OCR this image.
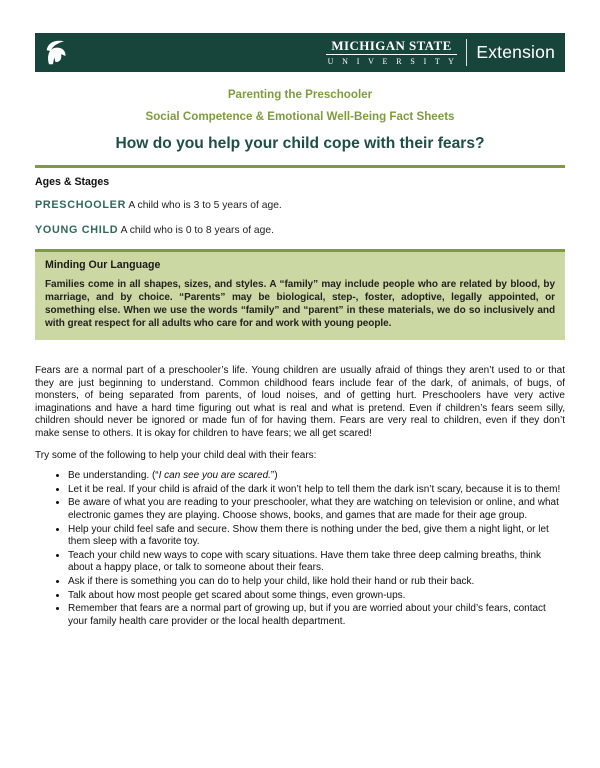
MICHIGAN STATE
U N I V E R S I T Y Extension
Parenting the Preschooler
Social Competence & Emotional Well-Being Fact Sheets
How do you help your child cope with their fears?
Ages & Stages
PRESCHOOLER A child who is 3 to 5 years of age.
YOUNG CHILD A child who is 0 to 8 years of age.
Minding Our Language
Families come in all shapes, sizes, and styles. A “family” may include people who are related by blood, by marriage, and by choice. “Parents” may be biological, step-, foster, adoptive, legally appointed, or something else. When we use the words “family” and “parent” in these materials, we do so inclusively and with great respect for all adults who care for and work with young people.

Fears are a normal part of a preschooler’s life. Young children are usually afraid of things they aren’t used to or that they are just beginning to understand. Common childhood fears include fear of the dark, of animals, of bugs, of monsters, of being separated from parents, of loud noises, and of getting hurt. Preschoolers have very active imaginations and have a hard time figuring out what is real and what is pretend. Even if children’s fears seem silly, children should never be ignored or made fun of for having them. Fears are very real to children, even if they don’t make sense to others. It is okay for children to have fears; we all get scared!

Try some of the following to help your child deal with their fears:

• Be understanding. (“I can see you are scared.”)
• Let it be real. If your child is afraid of the dark it won’t help to tell them the dark isn’t scary, because it is to them!
• Be aware of what you are reading to your preschooler, what they are watching on television or online, and what electronic games they are playing. Choose shows, books, and games that are made for their age group.
• Help your child feel safe and secure. Show them there is nothing under the bed, give them a night light, or let them sleep with a favorite toy.
• Teach your child new ways to cope with scary situations. Have them take three deep calming breaths, think about a happy place, or talk to someone about their fears.
• Ask if there is something you can do to help your child, like hold their hand or rub their back.
• Talk about how most people get scared about some things, even grown-ups.
• Remember that fears are a normal part of growing up, but if you are worried about your child’s fears, contact your family health care provider or the local health department.
